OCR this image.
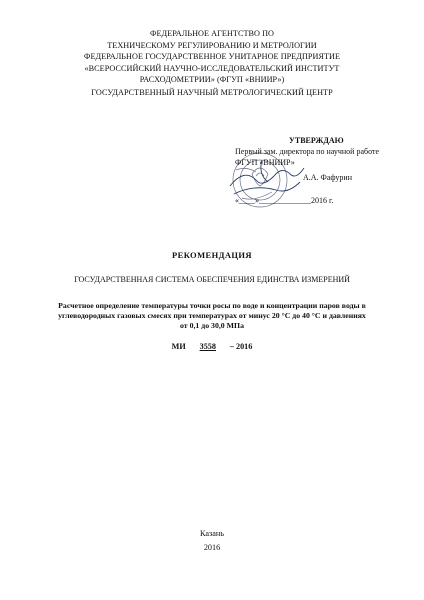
ФЕДЕРАЛЬНОЕ АГЕНТСТВО ПО
ТЕХНИЧЕСКОМУ РЕГУЛИРОВАНИЮ И МЕТРОЛОГИИ
ФЕДЕРАЛЬНОЕ ГОСУДАРСТВЕННОЕ УНИТАРНОЕ ПРЕДПРИЯТИЕ
«ВСЕРОССИЙСКИЙ НАУЧНО-ИССЛЕДОВАТЕЛЬСКИЙ ИНСТИТУТ
РАСХОДОМЕТРИИ» (ФГУП «ВНИИР»)
ГОСУДАРСТВЕННЫЙ НАУЧНЫЙ МЕТРОЛОГИЧЕСКИЙ ЦЕНТР
УТВЕРЖДАЮ
Первый зам. директора по научной работе
ФГУП «ВНИИР»
А.А. Фафурин
«____»_____________2016 г.
РЕКОМЕНДАЦИЯ
ГОСУДАРСТВЕННАЯ СИСТЕМА ОБЕСПЕЧЕНИЯ ЕДИНСТВА ИЗМЕРЕНИЙ
Расчетное определение температуры точки росы по воде и концентрации паров воды в
углеводородных газовых смесях при температурах от минус 20 °С до 40 °С и давлениях
от 0,1 до 30,0 МПа
МИ 3558 – 2016
Казань
2016
